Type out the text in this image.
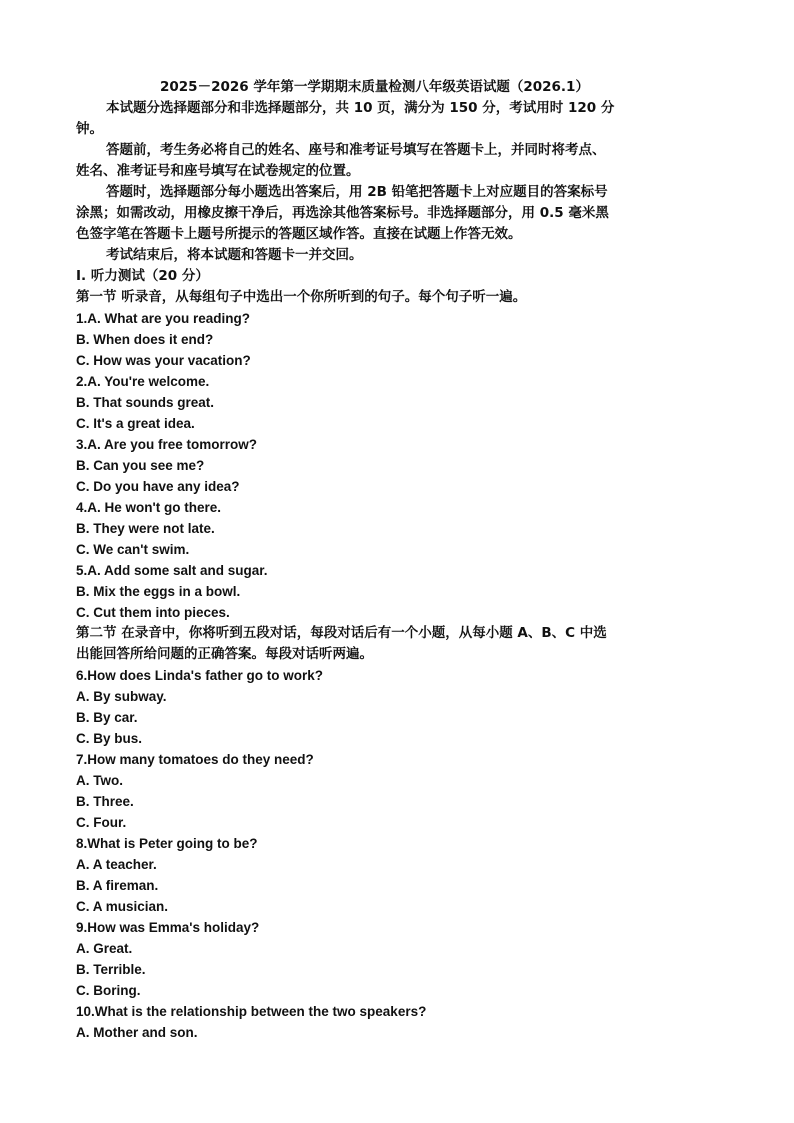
2025－2026 学年第一学期期末质量检测八年级英语试题（2026.1）
本试题分选择题部分和非选择题部分，共 10 页，满分为 150 分，考试用时 120 分
钟。
答题前，考生务必将自己的姓名、座号和准考证号填写在答题卡上，并同时将考点、
姓名、准考证号和座号填写在试卷规定的位置。
答题时，选择题部分每小题选出答案后，用 2B 铅笔把答题卡上对应题目的答案标号
涂黑；如需改动，用橡皮擦干净后，再选涂其他答案标号。非选择题部分，用 0.5 毫米黑
色签字笔在答题卡上题号所提示的答题区域作答。直接在试题上作答无效。
考试结束后，将本试题和答题卡一并交回。
I. 听力测试（20 分）
第一节 听录音，从每组句子中选出一个你所听到的句子。每个句子听一遍。
1.A. What are you reading?
B. When does it end?
C. How was your vacation?
2.A. You're welcome.
B. That sounds great.
C. It's a great idea.
3.A. Are you free tomorrow?
B. Can you see me?
C. Do you have any idea?
4.A. He won't go there.
B. They were not late.
C. We can't swim.
5.A. Add some salt and sugar.
B. Mix the eggs in a bowl.
C. Cut them into pieces.
第二节 在录音中，你将听到五段对话，每段对话后有一个小题，从每小题 A、B、C 中选
出能回答所给问题的正确答案。每段对话听两遍。
6.How does Linda's father go to work?
A. By subway.
B. By car.
C. By bus.
7.How many tomatoes do they need?
A. Two.
B. Three.
C. Four.
8.What is Peter going to be?
A. A teacher.
B. A fireman.
C. A musician.
9.How was Emma's holiday?
A. Great.
B. Terrible.
C. Boring.
10.What is the relationship between the two speakers?
A. Mother and son.
